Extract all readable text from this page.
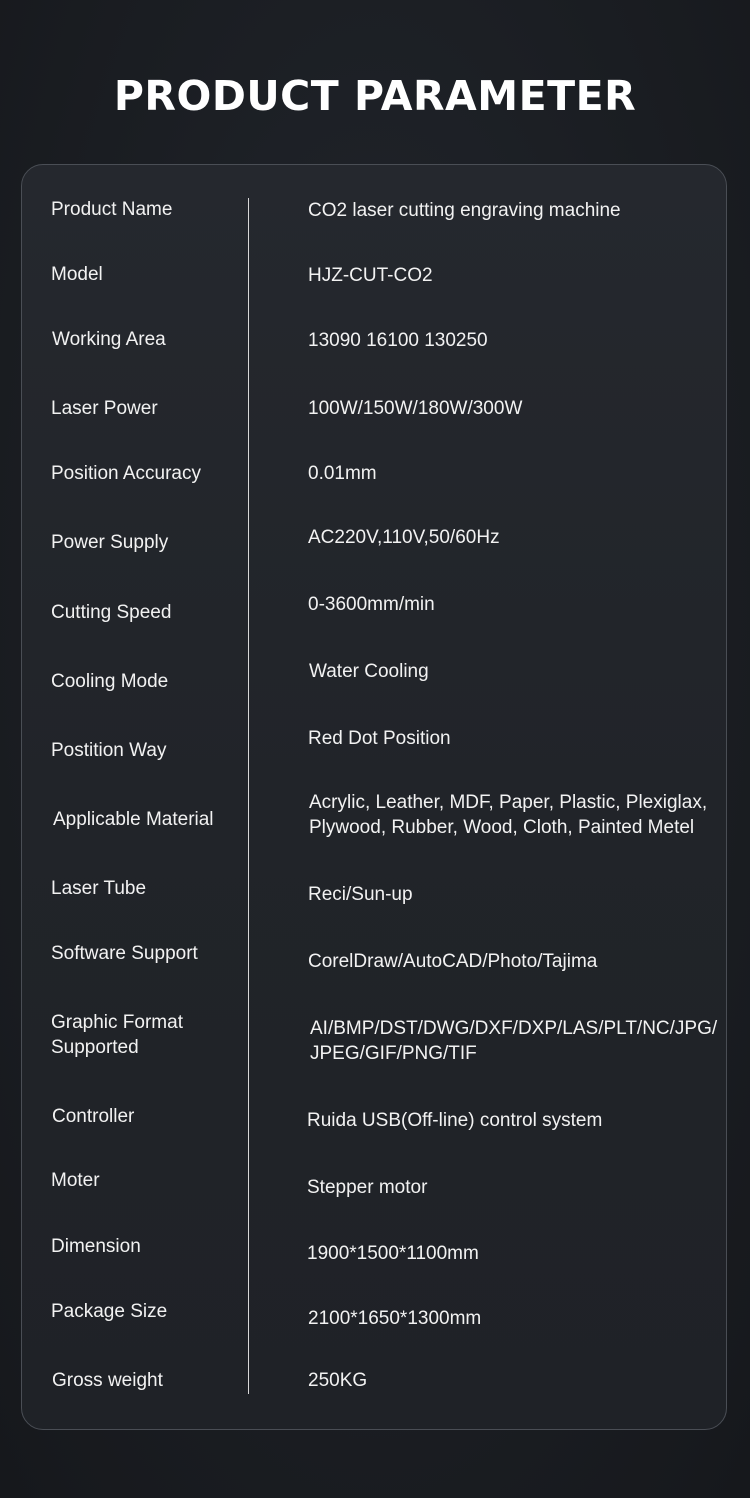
PRODUCT PARAMETER
Product Name
Model
Working Area
Laser Power
Position Accuracy
Power Supply
Cutting Speed
Cooling Mode
Postition Way
Applicable Material
Laser Tube
Software Support
Graphic Format
Supported
Controller
Moter
Dimension
Package Size
Gross weight
CO2 laser cutting engraving machine
HJZ-CUT-CO2
13090 16100 130250
100W/150W/180W/300W
0.01mm
AC220V,110V,50/60Hz
0-3600mm/min
Water Cooling
Red Dot Position
Acrylic, Leather, MDF, Paper, Plastic, Plexiglax,
Plywood, Rubber, Wood, Cloth, Painted Metel
Reci/Sun-up
CorelDraw/AutoCAD/Photo/Tajima
AI/BMP/DST/DWG/DXF/DXP/LAS/PLT/NC/JPG/
JPEG/GIF/PNG/TIF
Ruida USB(Off-line) control system
Stepper motor
1900*1500*1100mm
2100*1650*1300mm
250KG
